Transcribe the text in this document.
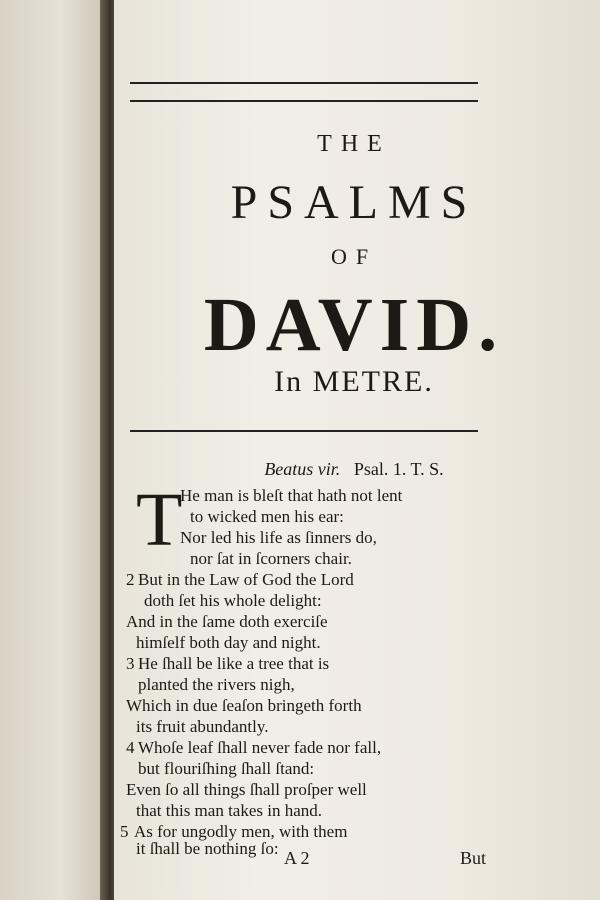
THE
PSALMS
OF
DAVID.
In METRE.
Beatus vir. Psal. 1. T. S.
T
He man is bleſt that hath not lent
to wicked men his ear:
Nor led his life as ſinners do,
nor ſat in ſcorners chair.
2 But in the Law of God the Lord
doth ſet his whole delight:
And in the ſame doth exerciſe
himſelf both day and night.
3 He ſhall be like a tree that is
planted the rivers nigh,
Which in due ſeaſon bringeth forth
its fruit abundantly.
4 Whoſe leaf ſhall never fade nor fall,
but flouriſhing ſhall ſtand:
Even ſo all things ſhall proſper well
that this man takes in hand.
5 As for ungodly men, with them
it ſhall be nothing ſo: A 2	But
